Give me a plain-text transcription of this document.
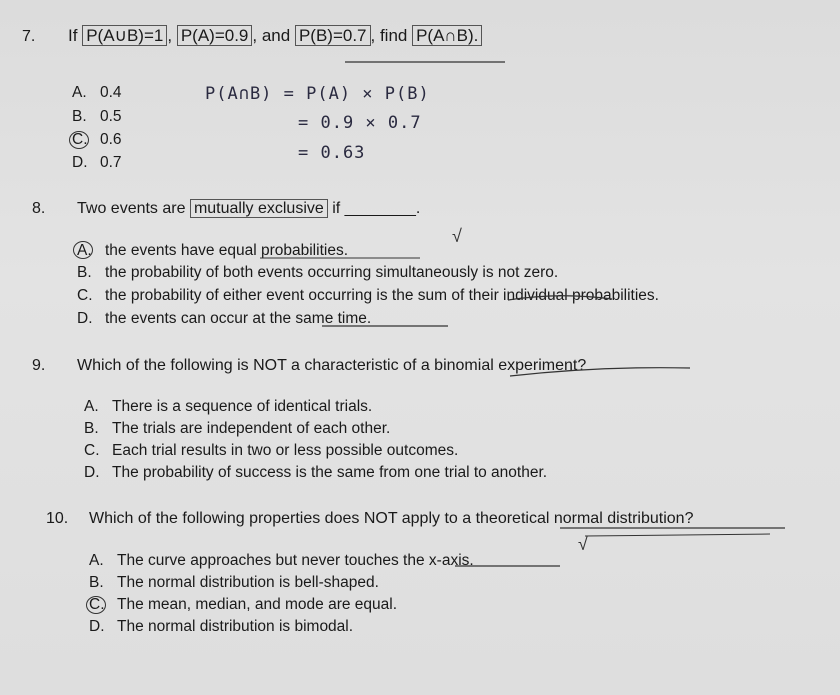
7. If P(A∪B)=1 , P(A)=0.9 , and P(B)=0.7 , find P(A∩B).
A. 0.4
B. 0.5
C. 0.6
D. 0.7
P(A∩B) = P(A) × P(B)
= 0.9 × 0.7
= 0.63
8. Two events are mutually exclusive if ________.
A. the events have equal probabilities.
B. the probability of both events occurring simultaneously is not zero.
C. the probability of either event occurring is the sum of their individual probabilities.
D. the events can occur at the same time.
√
9. Which of the following is NOT a characteristic of a binomial experiment?
A. There is a sequence of identical trials.
B. The trials are independent of each other.
C. Each trial results in two or less possible outcomes.
D. The probability of success is the same from one trial to another.
10. Which of the following properties does NOT apply to a theoretical normal distribution?
A. The curve approaches but never touches the x-axis.
B. The normal distribution is bell-shaped.
C. The mean, median, and mode are equal.
D. The normal distribution is bimodal.
√
